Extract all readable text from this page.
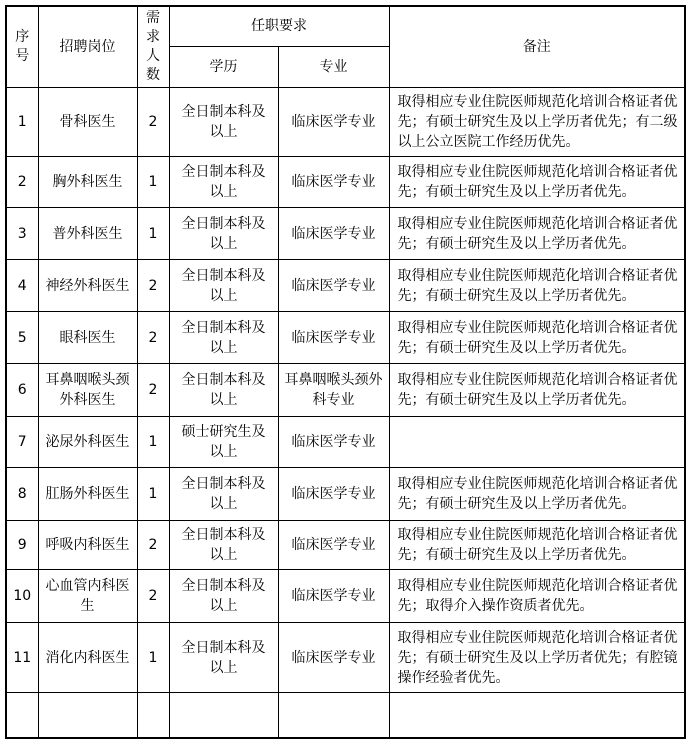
序号	招聘岗位	需求人数	任职要求		备注
			学历	专业	
1	骨科医生	2	全日制本科及以上	临床医学专业	取得相应专业住院医师规范化培训合格证者优先；有硕士研究生及以上学历者优先；有二级以上公立医院工作经历优先。
2	胸外科医生	1	全日制本科及以上	临床医学专业	取得相应专业住院医师规范化培训合格证者优先；有硕士研究生及以上学历者优先。
3	普外科医生	1	全日制本科及以上	临床医学专业	取得相应专业住院医师规范化培训合格证者优先；有硕士研究生及以上学历者优先。
4	神经外科医生	2	全日制本科及以上	临床医学专业	取得相应专业住院医师规范化培训合格证者优先；有硕士研究生及以上学历者优先。
5	眼科医生	2	全日制本科及以上	临床医学专业	取得相应专业住院医师规范化培训合格证者优先；有硕士研究生及以上学历者优先。
6	耳鼻咽喉头颈外科医生	2	全日制本科及以上	耳鼻咽喉头颈外科专业	取得相应专业住院医师规范化培训合格证者优先；有硕士研究生及以上学历者优先。
7	泌尿外科医生	1	硕士研究生及以上	临床医学专业	
8	肛肠外科医生	1	全日制本科及以上	临床医学专业	取得相应专业住院医师规范化培训合格证者优先；有硕士研究生及以上学历者优先。
9	呼吸内科医生	2	全日制本科及以上	临床医学专业	取得相应专业住院医师规范化培训合格证者优先；有硕士研究生及以上学历者优先。
10	心血管内科医生	2	全日制本科及以上	临床医学专业	取得相应专业住院医师规范化培训合格证者优先；取得介入操作资质者优先。
11	消化内科医生	1	全日制本科及以上	临床医学专业	取得相应专业住院医师规范化培训合格证者优先；有硕士研究生及以上学历者优先；有腔镜操作经验者优先。
